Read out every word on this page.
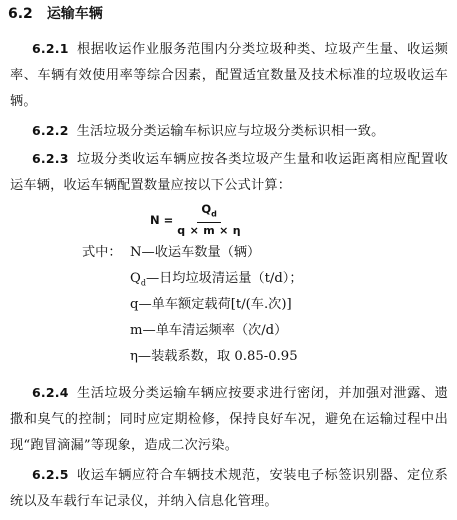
6.2 运输车辆
6.2.1 根据收运作业服务范围内分类垃圾种类、垃圾产生量、收运频率、车辆有效使用率等综合因素，配置适宜数量及技术标准的垃圾收运车辆。
6.2.2 生活垃圾分类运输车标识应与垃圾分类标识相一致。
6.2.3 垃圾分类收运车辆应按各类垃圾产生量和收运距离相应配置收运车辆，收运车辆配置数量应按以下公式计算：
$N = \frac{Q_d}{q \times m \times \eta}$
式中： N—收运车数量（辆）
$Q_d—$日均垃圾清运量（t/d）；
q—单车额定载荷[t/(车.次)]
m—单车清运频率（次/d）
η—装载系数，取 0.85-0.95
6.2.4 生活垃圾分类运输车辆应按要求进行密闭，并加强对泄露、遗撒和臭气的控制；同时应定期检修，保持良好车况，避免在运输过程中出现“跑冒滴漏”等现象，造成二次污染。
6.2.5 收运车辆应符合车辆技术规范，安装电子标签识别器、定位系统以及车载行车记录仪，并纳入信息化管理。
